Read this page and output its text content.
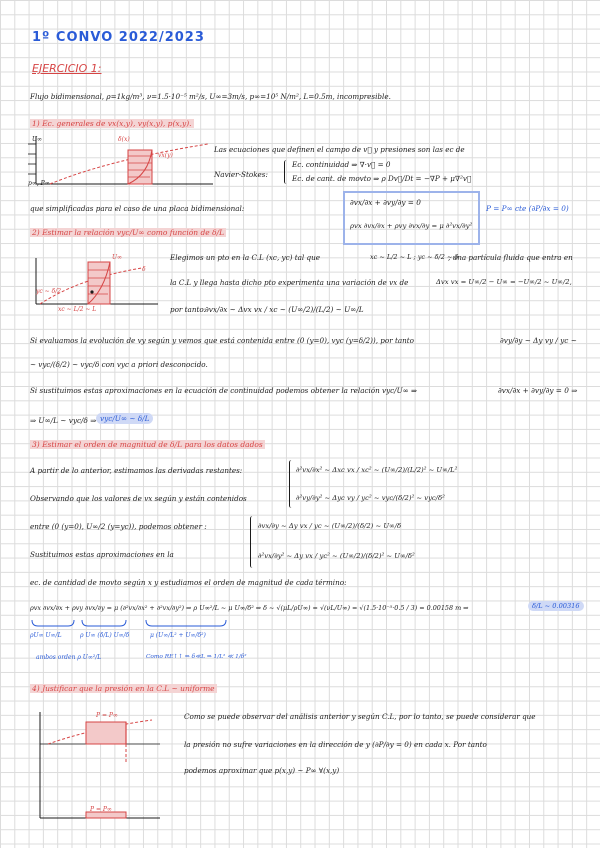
1º CONVO 2022/2023
EJERCICIO 1:
Flujo bidimensional, ρ=1kg/m³, ν=1.5·10⁻⁵ m²/s, U∞=3m/s, p∞=10⁵ N/m², L=0.5m, incompresible.
1) Ec. generales de vx(x,y), vy(x,y), p(x,y).
U∞	δ(x)
vx(y)
p∞, P∞
Las ecuaciones que definen el campo de v⃗ y presiones son las ec de
Navier-Stokes:
Ec. continuidad ⇒ ∇·v⃗ = 0
Ec. de cant. de movto ⇒ ρ Dv⃗/Dt = −∇P + μ∇²v⃗
que simplificadas para el caso de una placa bidimensional:
∂vx/∂x + ∂vy/∂y = 0
ρvx ∂vx/∂x + ρvy ∂vx/∂y = μ ∂²vx/∂y²
P = P∞ cte (∂P/∂x = 0)
2) Estimar la relación vyc/U∞ como función de δ/L
U∞
δ
yc ~ δ/2
xc ~ L/2 ~ L
Elegimos un pto en la C.L (xc, yc) tal que	xc ~ L/2 ~ L ; yc ~ δ/2 ~ δ
, una partícula fluida que entra en
la C.L y llega hasta dicho pto experimenta una variación de vx de	Δvx vx = U∞/2 − U∞ = −U∞/2 ~ U∞/2,
por tanto:
∂vx/∂x ~ Δvx vx / xc ~ (U∞/2)/(L/2) ~ U∞/L
Si evaluamos la evolución de vy según y vemos que está contenida entre (0 (y=0), vyc (y=δ/2)), por tanto	∂vy/∂y ~ Δy vy / yc ~
~ vyc/(δ/2) ~ vyc/δ con vyc a priori desconocido.
Si sustituimos estas aproximaciones en la ecuación de continuidad podemos obtener la relación vyc/U∞ ⇒	∂vx/∂x + ∂vy/∂y = 0 ⇒
⇒ U∞/L ~ vyc/δ ⇒ vyc/U∞ ~ δ/L
3) Estimar el orden de magnitud de δ/L para los datos dados
A partir de lo anterior, estimamos las derivadas restantes:	∂²vx/∂x² ~ Δxc vx / xc² ~ (U∞/2)/(L/2)² ~ U∞/L²
Observando que los valores de vx según y están contenidos	∂²vy/∂y² ~ Δyc vy / yc² ~ vyc/(δ/2)² ~ vyc/δ²
entre (0 (y=0), U∞/2 (y=yc)), podemos obtener :	∂vx/∂y ~ Δy vx / yc ~ (U∞/2)/(δ/2) ~ U∞/δ
Sustituimos estas aproximaciones en la	∂²vx/∂y² ~ Δy vx / yc² ~ (U∞/2)/(δ/2)² ~ U∞/δ²
ec. de cantidad de movto según x y estudiamos el orden de magnitud de cada término:
ρvx ∂vx/∂x + ρvy ∂vx/∂y = μ (∂²vx/∂x² + ∂²vx/∂y²) ⇒ ρ U∞²/L ~ μ U∞/δ² ⇒ δ ~ √(μL/ρU∞) = √(νL/U∞) = √(1.5·10⁻⁵·0.5 / 3) = 0.00158 m ⇒	δ/L ~ 0.00316
ρU∞ U∞/L	ρ U∞ (δ/L) U∞/δ	μ (U∞/L² + U∞/δ²)
ambos orden ρ U∞²/L	Como RE↑↑ ⇒ δ≪L ⇒ 1/L² ≪ 1/δ²
4) Justificar que la presión en la C.L ~ uniforme
P = P∞
P = P∞
Como se puede observar del análisis anterior y según C.L, por lo tanto, se puede considerar que
la presión no sufre variaciones en la dirección de y (∂P/∂y = 0) en cada x. Por tanto
podemos aproximar que p(x,y) ~ P∞ ∀(x,y)
